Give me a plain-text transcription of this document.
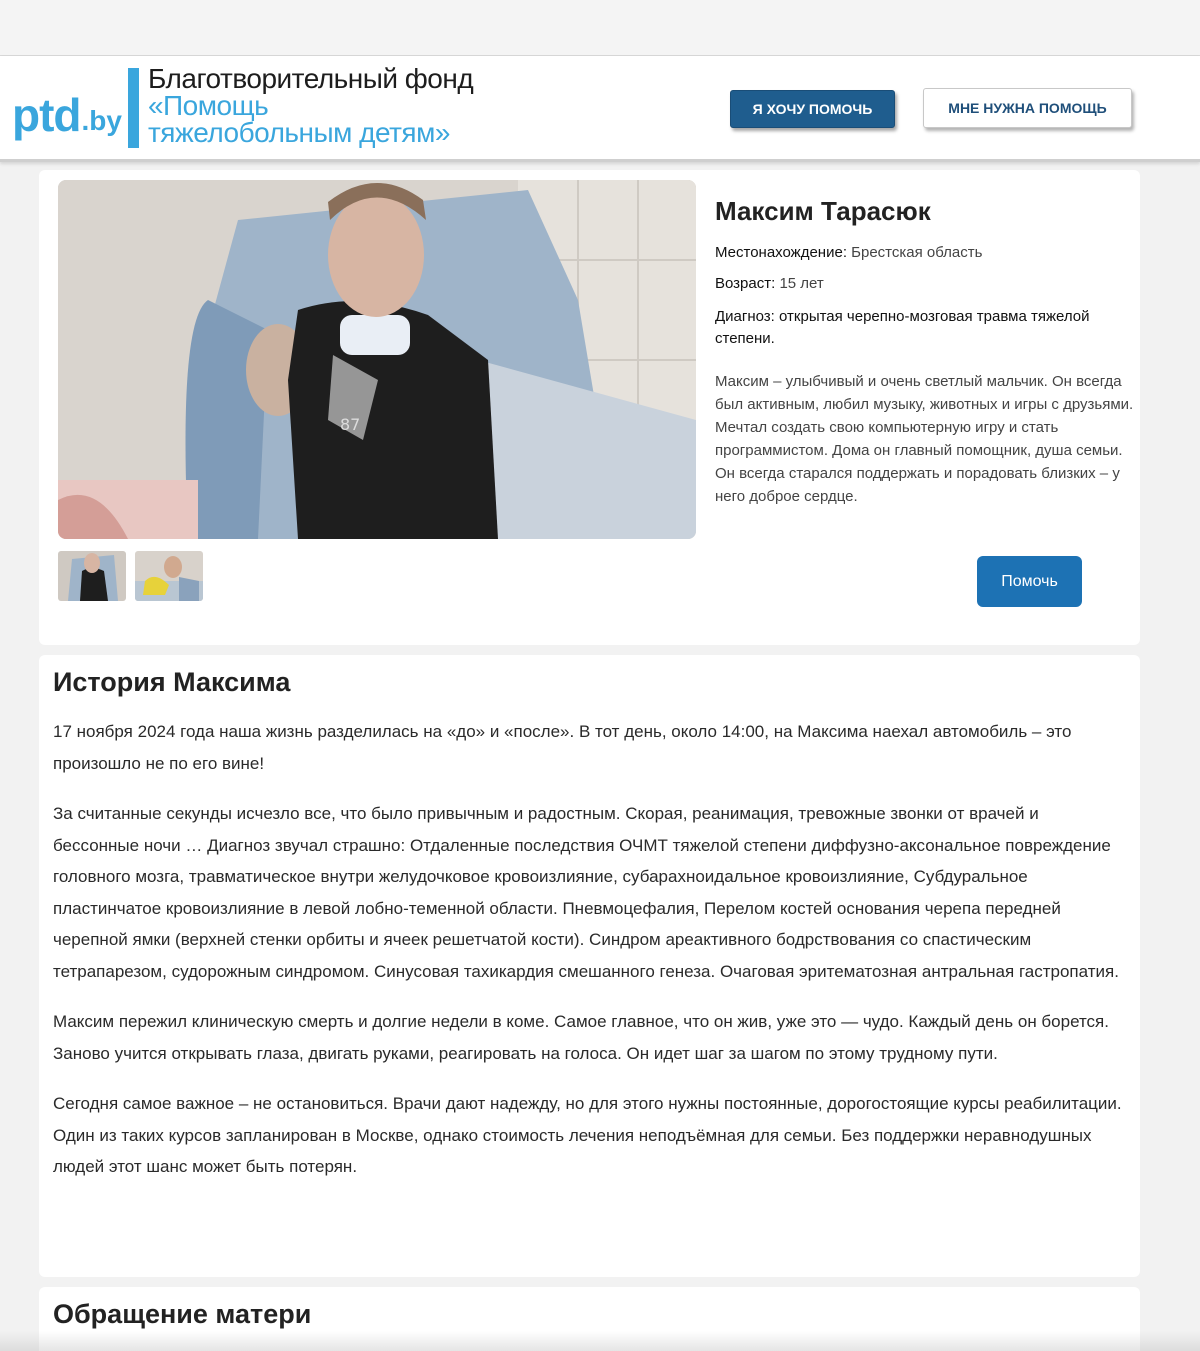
ptd .by
Благотворительный фонд
«Помощь
тяжелобольным детям»
Я ХОЧУ ПОМОЧЬ	МНЕ НУЖНА ПОМОЩЬ
87
Максим Тарасюк
Местонахождение: Брестская область
Возраст: 15 лет
Диагноз: открытая черепно-мозговая травма тяжелой степени.
Максим – улыбчивый и очень светлый мальчик. Он всегда был активным, любил музыку, животных и игры с друзьями. Мечтал создать свою компьютерную игру и стать программистом. Дома он главный помощник, душа семьи. Он всегда старался поддержать и порадовать близких – у него доброе сердце.
Помочь
История Максима

17 ноября 2024 года наша жизнь разделилась на «до» и «после». В тот день, около 14:00, на Максима наехал автомобиль – это произошло не по его вине!

За считанные секунды исчезло все, что было привычным и радостным. Скорая, реанимация, тревожные звонки от врачей и бессонные ночи … Диагноз звучал страшно: Отдаленные последствия ОЧМТ тяжелой степени диффузно-аксональное повреждение головного мозга, травматическое внутри желудочковое кровоизлияние, субарахноидальное кровоизлияние, Субдуральное пластинчатое кровоизлияние в левой лобно-теменной области. Пневмоцефалия, Перелом костей основания черепа передней черепной ямки (верхней стенки орбиты и ячеек решетчатой кости). Синдром ареактивного бодрствования со спастическим тетрапарезом, судорожным синдромом. Синусовая тахикардия смешанного генеза. Очаговая эритематозная антральная гастропатия.

Максим пережил клиническую смерть и долгие недели в коме. Самое главное, что он жив, уже это — чудо. Каждый день он борется. Заново учится открывать глаза, двигать руками, реагировать на голоса. Он идет шаг за шагом по этому трудному пути.

Сегодня самое важное – не остановиться. Врачи дают надежду, но для этого нужны постоянные, дорогостоящие курсы реабилитации. Один из таких курсов запланирован в Москве, однако стоимость лечения неподъёмная для семьи. Без поддержки неравнодушных людей этот шанс может быть потерян.

Обращение матери
